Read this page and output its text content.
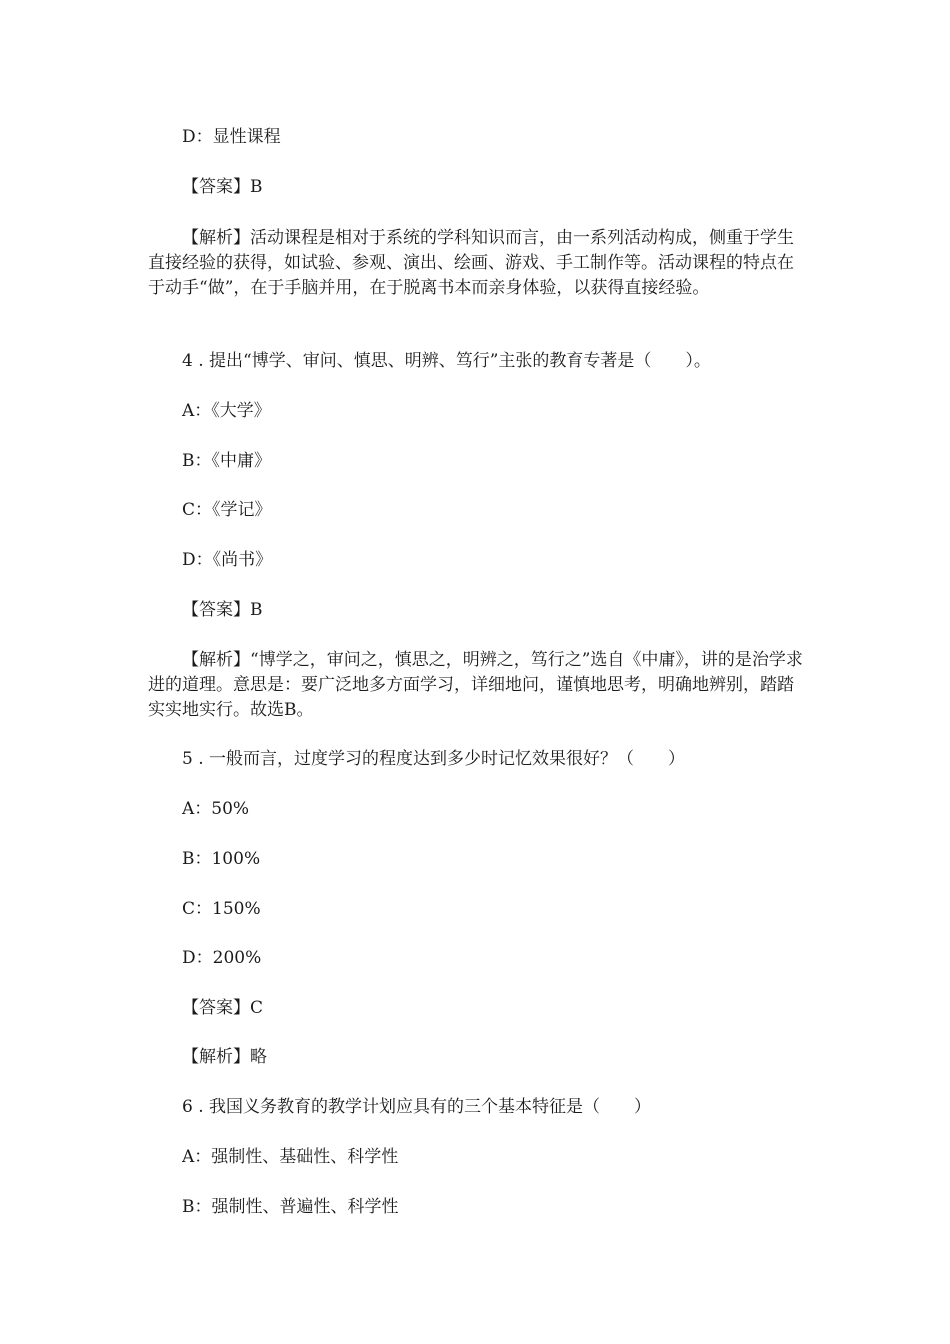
D：显性课程
【答案】B
【解析】活动课程是相对于系统的学科知识而言，由一系列活动构成，侧重于学生直接经验的获得，如试验、参观、演出、绘画、游戏、手工制作等。活动课程的特点在于动手“做”，在于手脑并用，在于脱离书本而亲身体验，以获得直接经验。
4 . 提出“博学、审问、慎思、明辨、笃行”主张的教育专著是（　　）。
A：《大学》
B：《中庸》
C：《学记》
D：《尚书》
【答案】B
【解析】“博学之，审问之，慎思之，明辨之，笃行之”选自《中庸》，讲的是治学求进的道理。意思是：要广泛地多方面学习，详细地问，谨慎地思考，明确地辨别，踏踏实实地实行。故选B。
5 . 一般而言，过度学习的程度达到多少时记忆效果很好？（　　）
A：50%
B：100%
C：150%
D：200%
【答案】C
【解析】略
6 . 我国义务教育的教学计划应具有的三个基本特征是（　　）
A：强制性、基础性、科学性
B：强制性、普遍性、科学性
